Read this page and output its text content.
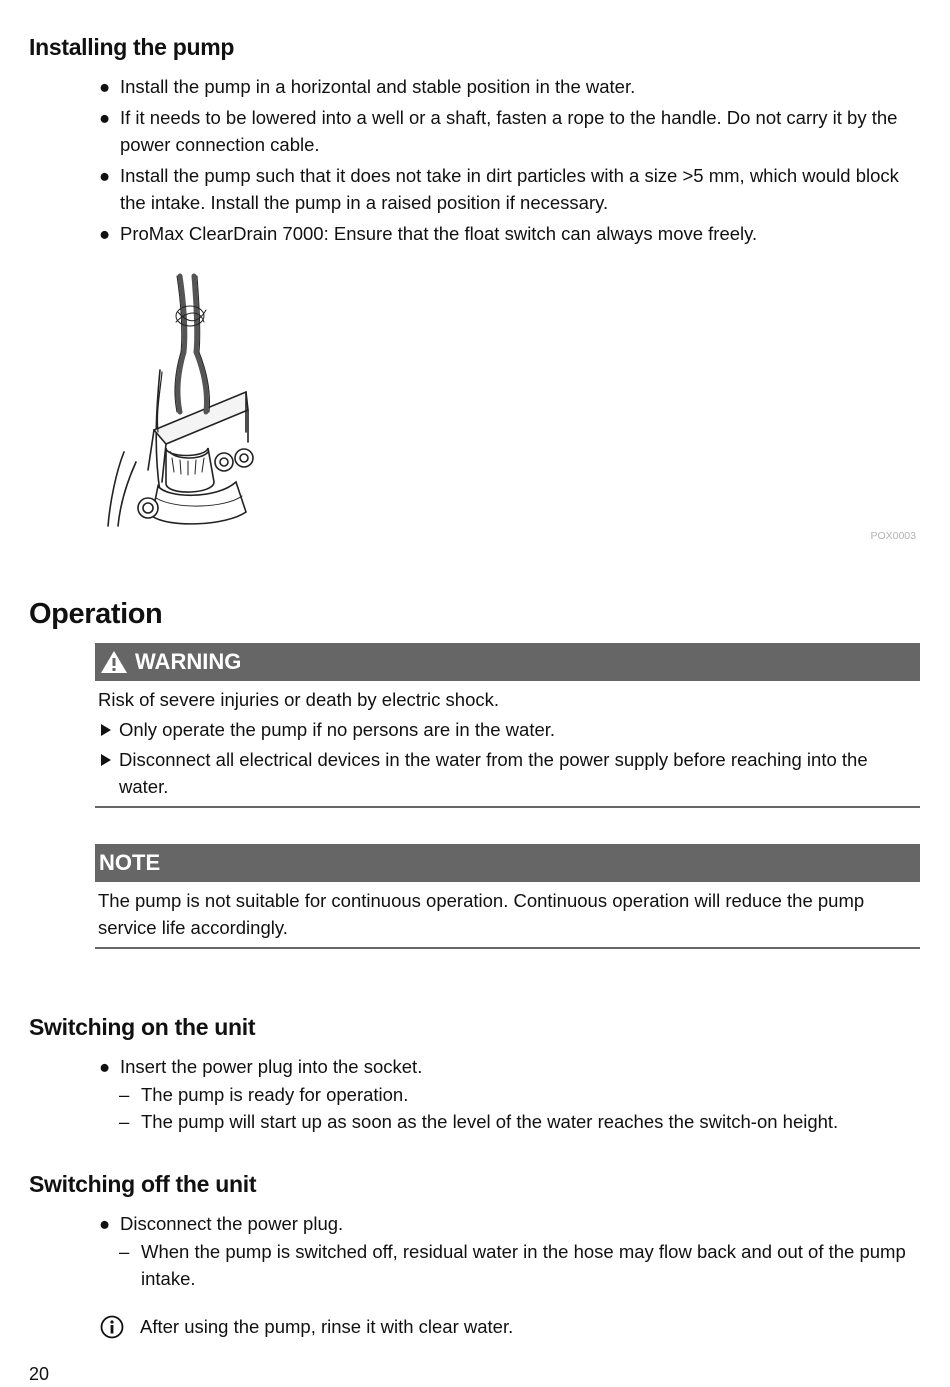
Installing the pump
● Install the pump in a horizontal and stable position in the water.
● If it needs to be lowered into a well or a shaft, fasten a rope to the handle. Do not carry it by the power connection cable.
● Install the pump such that it does not take in dirt particles with a size >5 mm, which would block the intake. Install the pump in a raised position if necessary.
● ProMax ClearDrain 7000: Ensure that the float switch can always move freely.
POX0003
Operation
WARNING

Risk of severe injuries or death by electric shock.

Only operate the pump if no persons are in the water.
Disconnect all electrical devices in the water from the power supply before reaching into the water.
NOTE

The pump is not suitable for continuous operation. Continuous operation will reduce the pump service life accordingly.

Switching on the unit
● Insert the power plug into the socket.
– The pump is ready for operation.
– The pump will start up as soon as the level of the water reaches the switch-on height.
Switching off the unit
● Disconnect the power plug.
– When the pump is switched off, residual water in the hose may flow back and out of the pump intake.
After using the pump, rinse it with clear water.
20
